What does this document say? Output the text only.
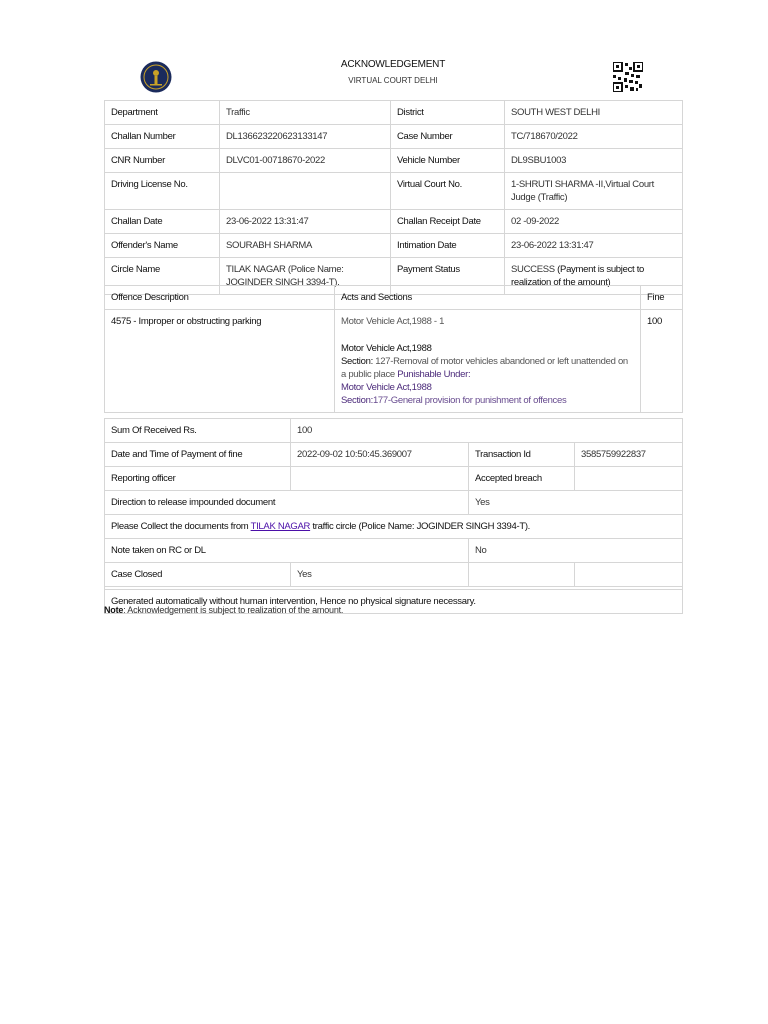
ACKNOWLEDGEMENT
VIRTUAL COURT DELHI
Department	Traffic	District	SOUTH WEST DELHI
Challan Number	DL136623220623133147	Case Number	TC/718670/2022
CNR Number	DLVC01-00718670-2022	Vehicle Number	DL9SBU1003
Driving License No.		Virtual Court No.	1-SHRUTI SHARMA -II,Virtual Court Judge (Traffic)
Challan Date	23-06-2022 13:31:47	Challan Receipt Date	02 -09-2022
Offender's Name	SOURABH SHARMA	Intimation Date	23-06-2022 13:31:47
Circle Name	TILAK NAGAR (Police Name: JOGINDER SINGH 3394-T).	Payment Status	SUCCESS (Payment is subject to realization of the amount)
Offence Description	Acts and Sections	Fine
4575 - Improper or obstructing parking	Motor Vehicle Act,1988 - 1
Motor Vehicle Act,1988
Section: 127-Removal of motor vehicles abandoned or left unattended on a public place Punishable Under:
Motor Vehicle Act,1988
Section:177-General provision for punishment of offences	100
Sum Of Received Rs.	100		
Date and Time of Payment of fine	2022-09-02 10:50:45.369007	Transaction Id	3585759922837
Reporting officer		Accepted breach	
Direction to release impounded document		Yes	
Please Collect the documents from TILAK NAGAR traffic circle (Police Name: JOGINDER SINGH 3394-T).			
Note taken on RC or DL		No	
Case Closed	Yes		

Generated automatically without human intervention, Hence no physical signature necessary.			
Note: Acknowledgement is subject to realization of the amount.
